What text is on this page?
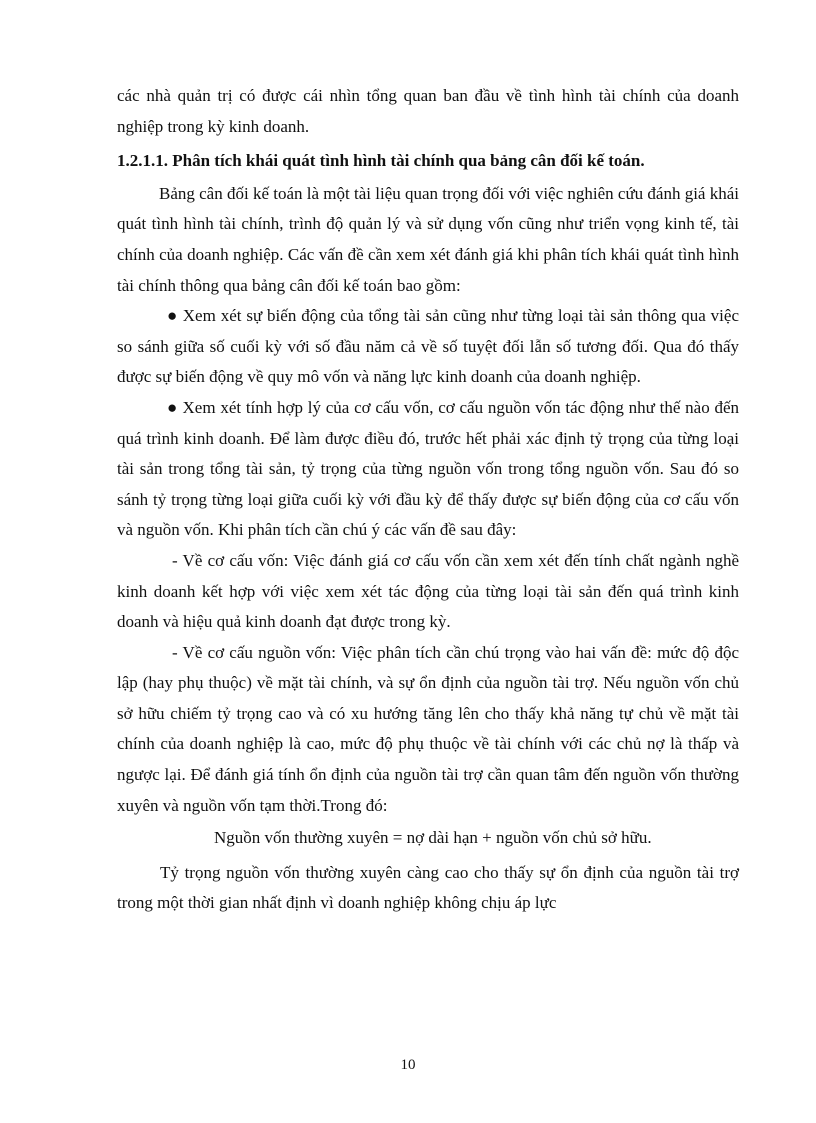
các nhà quản trị có được cái nhìn tổng quan ban đầu về tình hình tài chính của doanh nghiệp trong kỳ kinh doanh.

1.2.1.1. Phân tích khái quát tình hình tài chính qua bảng cân đối kế toán.

Bảng cân đối kế toán là một tài liệu quan trọng đối với việc nghiên cứu đánh giá khái quát tình hình tài chính, trình độ quản lý và sử dụng vốn cũng như triển vọng kinh tế, tài chính của doanh nghiệp. Các vấn đề cần xem xét đánh giá khi phân tích khái quát tình hình tài chính thông qua bảng cân đối kế toán bao gồm:

● Xem xét sự biến động của tổng tài sản cũng như từng loại tài sản thông qua việc so sánh giữa số cuối kỳ với số đầu năm cả về số tuyệt đối lẫn số tương đối. Qua đó thấy được sự biến động về quy mô vốn và năng lực kinh doanh của doanh nghiệp.

● Xem xét tính hợp lý của cơ cấu vốn, cơ cấu nguồn vốn tác động như thế nào đến quá trình kinh doanh. Để làm được điều đó, trước hết phải xác định tỷ trọng của từng loại tài sản trong tổng tài sản, tỷ trọng của từng nguồn vốn trong tổng nguồn vốn. Sau đó so sánh tỷ trọng từng loại giữa cuối kỳ với đầu kỳ để thấy được sự biến động của cơ cấu vốn và nguồn vốn. Khi phân tích cần chú ý các vấn đề sau đây:

- Về cơ cấu vốn: Việc đánh giá cơ cấu vốn cần xem xét đến tính chất ngành nghề kinh doanh kết hợp với việc xem xét tác động của từng loại tài sản đến quá trình kinh doanh và hiệu quả kinh doanh đạt được trong kỳ.

- Về cơ cấu nguồn vốn: Việc phân tích cần chú trọng vào hai vấn đề: mức độ độc lập (hay phụ thuộc) về mặt tài chính, và sự ổn định của nguồn tài trợ. Nếu nguồn vốn chủ sở hữu chiếm tỷ trọng cao và có xu hướng tăng lên cho thấy khả năng tự chủ về mặt tài chính của doanh nghiệp là cao, mức độ phụ thuộc về tài chính với các chủ nợ là thấp và ngược lại. Để đánh giá tính ổn định của nguồn tài trợ cần quan tâm đến nguồn vốn thường xuyên và nguồn vốn tạm thời.Trong đó:

Nguồn vốn thường xuyên = nợ dài hạn + nguồn vốn chủ sở hữu.

Tỷ trọng nguồn vốn thường xuyên càng cao cho thấy sự ổn định của nguồn tài trợ trong một thời gian nhất định vì doanh nghiệp không chịu áp lực

10
